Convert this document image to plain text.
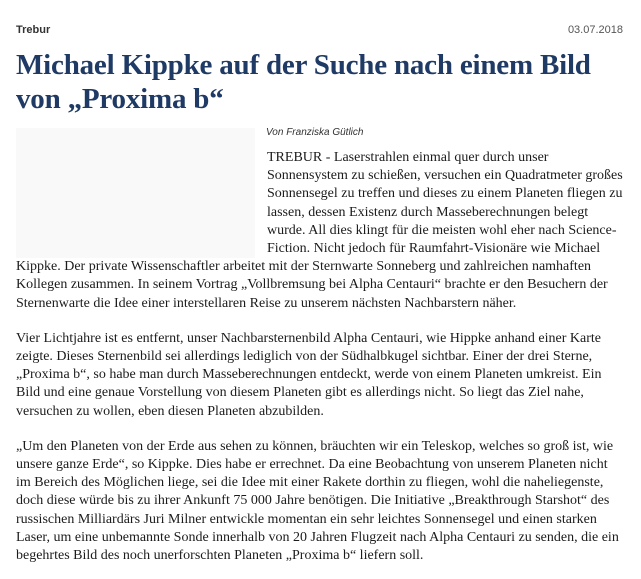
Trebur	03.07.2018
Michael Kippke auf der Suche nach einem Bild von „Proxima b“
Von Franziska Gütlich

TREBUR - Laserstrahlen einmal quer durch unser Sonnensystem zu schießen, versuchen ein Quadratmeter großes Sonnensegel zu treffen und dieses zu einem Planeten fliegen zu lassen, dessen Existenz durch Masseberechnungen belegt wurde. All dies klingt für die meisten wohl eher nach Science-Fiction. Nicht jedoch für Raumfahrt-Visionäre wie Michael Kippke. Der private Wissenschaftler arbeitet mit der Sternwarte Sonneberg und zahlreichen namhaften Kollegen zusammen. In seinem Vortrag „Vollbremsung bei Alpha Centauri“ brachte er den Besuchern der Sternenwarte die Idee einer interstellaren Reise zu unserem nächsten Nachbarstern näher.

Vier Lichtjahre ist es entfernt, unser Nachbarsternenbild Alpha Centauri, wie Hippke anhand einer Karte zeigte. Dieses Sternenbild sei allerdings lediglich von der Südhalbkugel sichtbar. Einer der drei Sterne, „Proxima b“, so habe man durch Masseberechnungen entdeckt, werde von einem Planeten umkreist. Ein Bild und eine genaue Vorstellung von diesem Planeten gibt es allerdings nicht. So liegt das Ziel nahe, versuchen zu wollen, eben diesen Planeten abzubilden.

„Um den Planeten von der Erde aus sehen zu können, bräuchten wir ein Teleskop, welches so groß ist, wie unsere ganze Erde“, so Kippke. Dies habe er errechnet. Da eine Beobachtung von unserem Planeten nicht im Bereich des Möglichen liege, sei die Idee mit einer Rakete dorthin zu fliegen, wohl die naheliegenste, doch diese würde bis zu ihrer Ankunft 75 000 Jahre benötigen. Die Initiative „Breakthrough Starshot“ des russischen Milliardärs Juri Milner entwickle momentan ein sehr leichtes Sonnensegel und einen starken Laser, um eine unbemannte Sonde innerhalb von 20 Jahren Flugzeit nach Alpha Centauri zu senden, die ein begehrtes Bild des noch unerforschten Planeten „Proxima b“ liefern soll.
